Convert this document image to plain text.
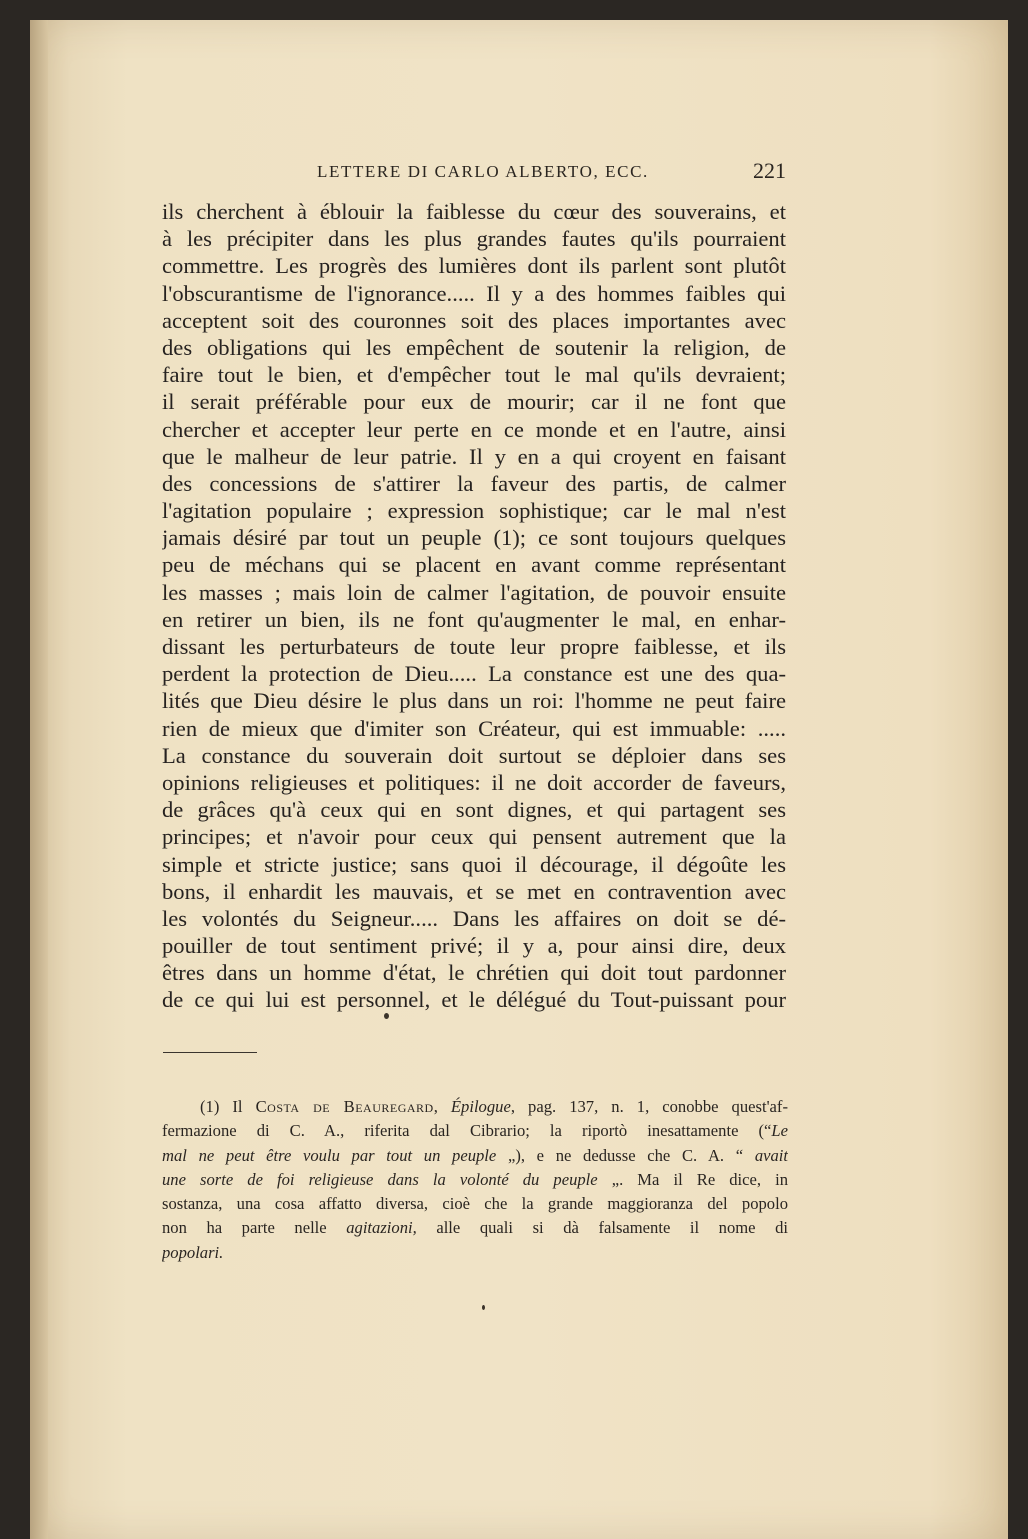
LETTERE DI CARLO ALBERTO, ECC.	221
ils cherchent à éblouir la faiblesse du cœur des souverains, et
à les précipiter dans les plus grandes fautes qu'ils pourraient
commettre. Les progrès des lumières dont ils parlent sont plutôt
l'obscurantisme de l'ignorance..... Il y a des hommes faibles qui
acceptent soit des couronnes soit des places importantes avec
des obligations qui les empêchent de soutenir la religion, de
faire tout le bien, et d'empêcher tout le mal qu'ils devraient;
il serait préférable pour eux de mourir; car il ne font que
chercher et accepter leur perte en ce monde et en l'autre, ainsi
que le malheur de leur patrie. Il y en a qui croyent en faisant
des concessions de s'attirer la faveur des partis, de calmer
l'agitation populaire ; expression sophistique; car le mal n'est
jamais désiré par tout un peuple (1); ce sont toujours quelques
peu de méchans qui se placent en avant comme représentant
les masses ; mais loin de calmer l'agitation, de pouvoir ensuite
en retirer un bien, ils ne font qu'augmenter le mal, en enhar-
dissant les perturbateurs de toute leur propre faiblesse, et ils
perdent la protection de Dieu..... La constance est une des qua-
lités que Dieu désire le plus dans un roi: l'homme ne peut faire
rien de mieux que d'imiter son Créateur, qui est immuable: .....
La constance du souverain doit surtout se déploier dans ses
opinions religieuses et politiques: il ne doit accorder de faveurs,
de grâces qu'à ceux qui en sont dignes, et qui partagent ses
principes; et n'avoir pour ceux qui pensent autrement que la
simple et stricte justice; sans quoi il décourage, il dégoûte les
bons, il enhardit les mauvais, et se met en contravention avec
les volontés du Seigneur..... Dans les affaires on doit se dé-
pouiller de tout sentiment privé; il y a, pour ainsi dire, deux
êtres dans un homme d'état, le chrétien qui doit tout pardonner
de ce qui lui est personnel, et le délégué du Tout-puissant pour
(1) Il Costa de Beauregard, Épilogue, pag. 137, n. 1, conobbe quest'af-
fermazione di C. A., riferita dal Cibrario; la riportò inesattamente (“Le
mal ne peut être voulu par tout un peuple „), e ne dedusse che C. A. “ avait
une sorte de foi religieuse dans la volonté du peuple „. Ma il Re dice, in
sostanza, una cosa affatto diversa, cioè che la grande maggioranza del popolo
non ha parte nelle agitazioni, alle quali si dà falsamente il nome di
popolari.
